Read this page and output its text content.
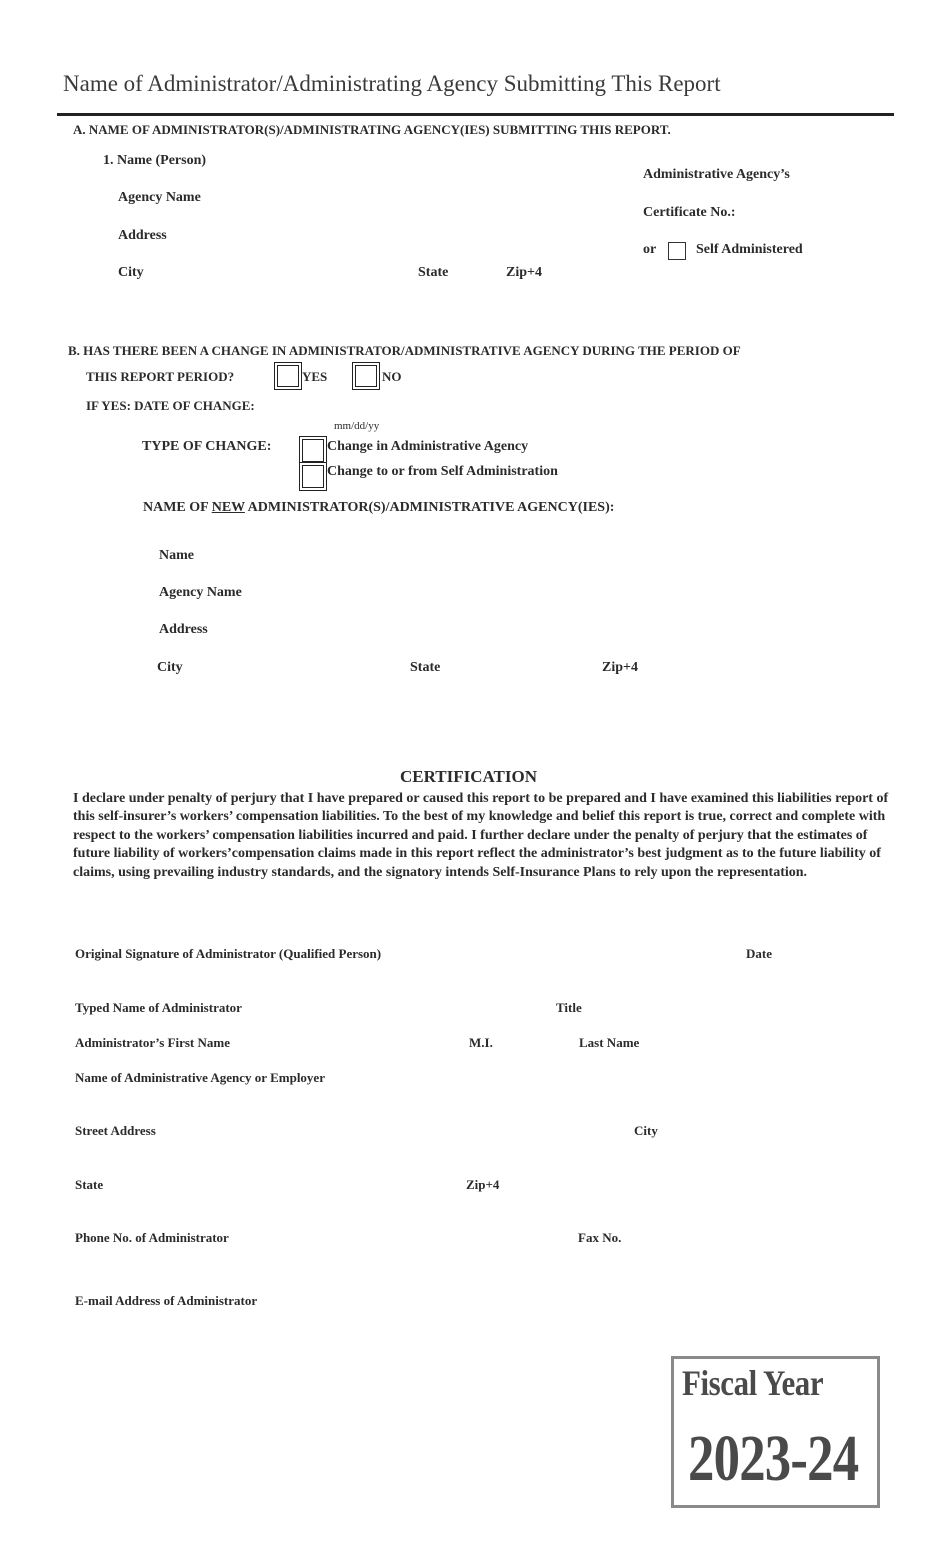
Name of Administrator/Administrating Agency Submitting This Report
A. NAME OF ADMINISTRATOR(S)/ADMINISTRATING AGENCY(IES) SUBMITTING THIS REPORT.
1. Name (Person)
Agency Name
Address
City	State	Zip+4
Administrative Agency’s
Certificate No.:
or	Self Administered
B. HAS THERE BEEN A CHANGE IN ADMINISTRATOR/ADMINISTRATIVE AGENCY DURING THE PERIOD OF
THIS REPORT PERIOD?	YES	NO
IF YES: DATE OF CHANGE:
mm/dd/yy
TYPE OF CHANGE:	Change in Administrative Agency
Change to or from Self Administration
NAME OF NEW ADMINISTRATOR(S)/ADMINISTRATIVE AGENCY(IES):
Name
Agency Name
Address
City	State	Zip+4
CERTIFICATION
I declare under penalty of perjury that I have prepared or caused this report to be prepared and I have examined this liabilities report of this self-insurer’s workers’ compensation liabilities. To the best of my knowledge and belief this report is true, correct and complete with respect to the workers’ compensation liabilities incurred and paid. I further declare under the penalty of perjury that the estimates of future liability of workers’compensation claims made in this report reflect the administrator’s best judgment as to the future liability of claims, using prevailing industry standards, and the signatory intends Self-Insurance Plans to rely upon the representation.
Original Signature of Administrator (Qualified Person)	Date
Typed Name of Administrator	Title
Administrator’s First Name	M.I.	Last Name
Name of Administrative Agency or Employer
Street Address	City
State	Zip+4
Phone No. of Administrator	Fax No.
E-mail Address of Administrator
Fiscal Year
2023-24
